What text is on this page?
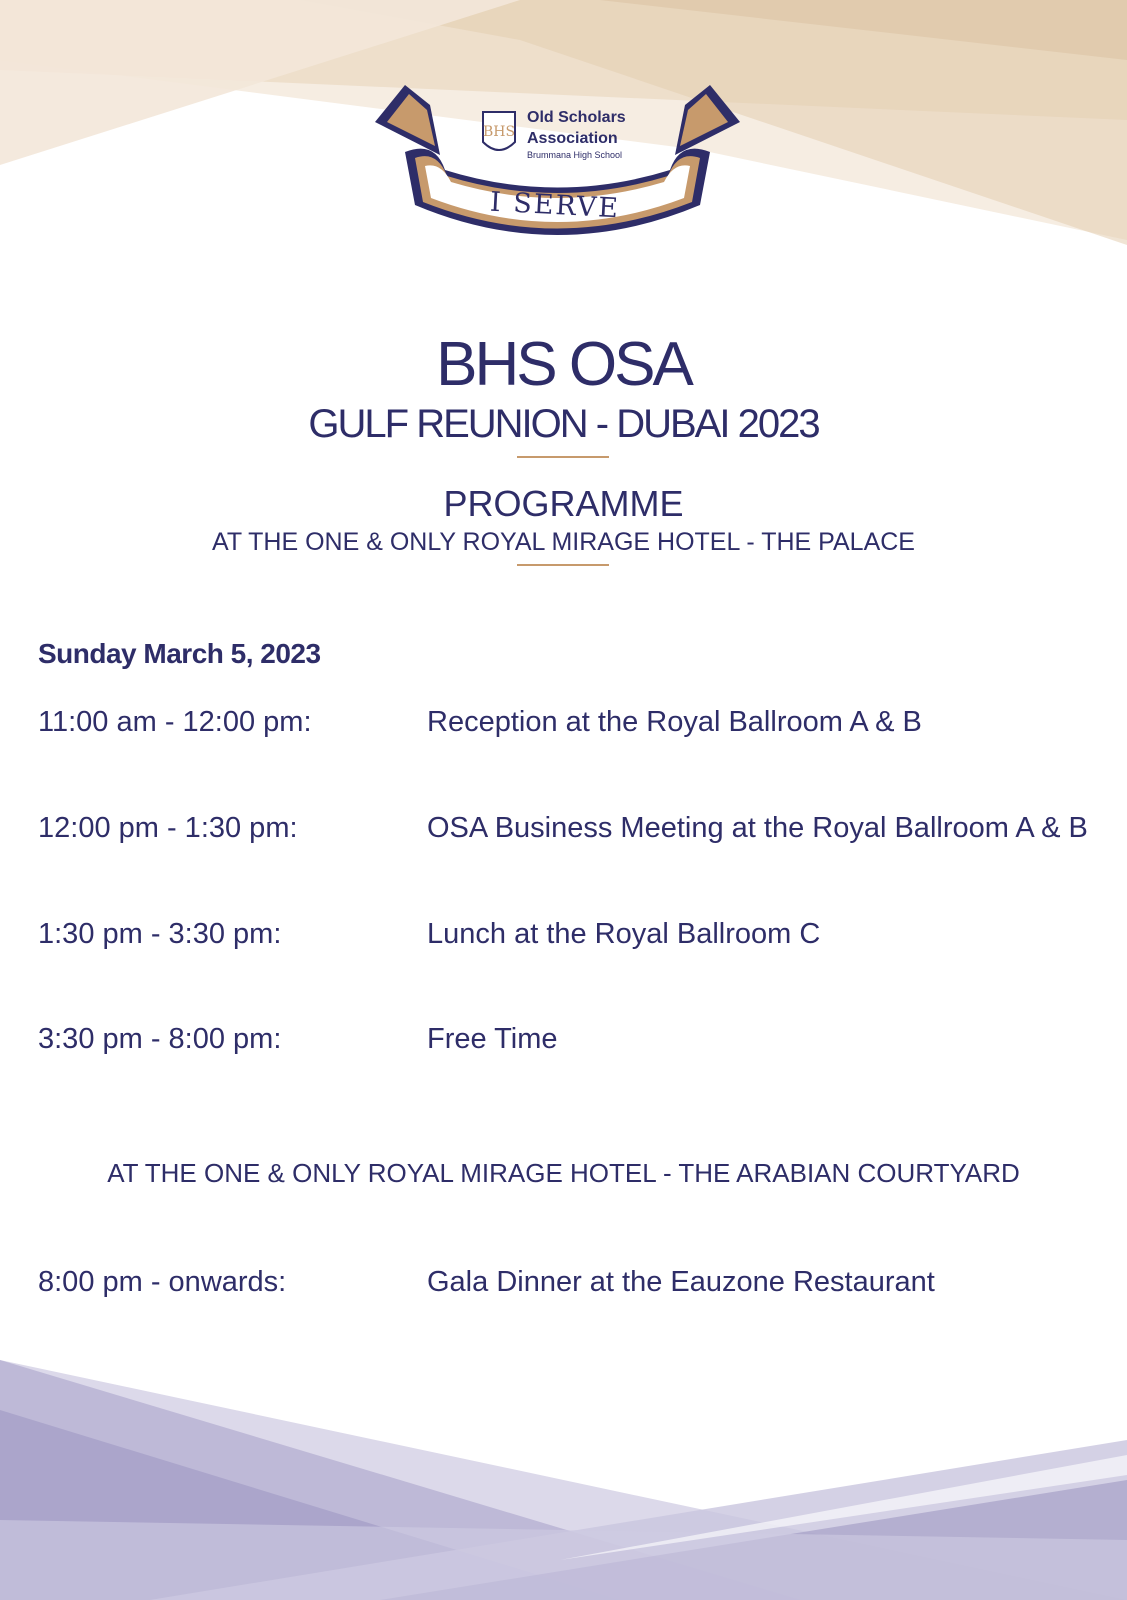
BHS
Old Scholars
Association
Brummana High School
I SERVE
BHS OSA
GULF REUNION - DUBAI 2023
PROGRAMME
AT THE ONE & ONLY ROYAL MIRAGE HOTEL - THE PALACE
Sunday March 5, 2023
11:00 am - 12:00 pm:	Reception at the Royal Ballroom A & B
12:00 pm - 1:30 pm:	OSA Business Meeting at the Royal Ballroom A & B
1:30 pm - 3:30 pm:	Lunch at the Royal Ballroom C
3:30 pm - 8:00 pm:	Free Time
AT THE ONE & ONLY ROYAL MIRAGE HOTEL - THE ARABIAN COURTYARD
8:00 pm - onwards:	Gala Dinner at the Eauzone Restaurant
